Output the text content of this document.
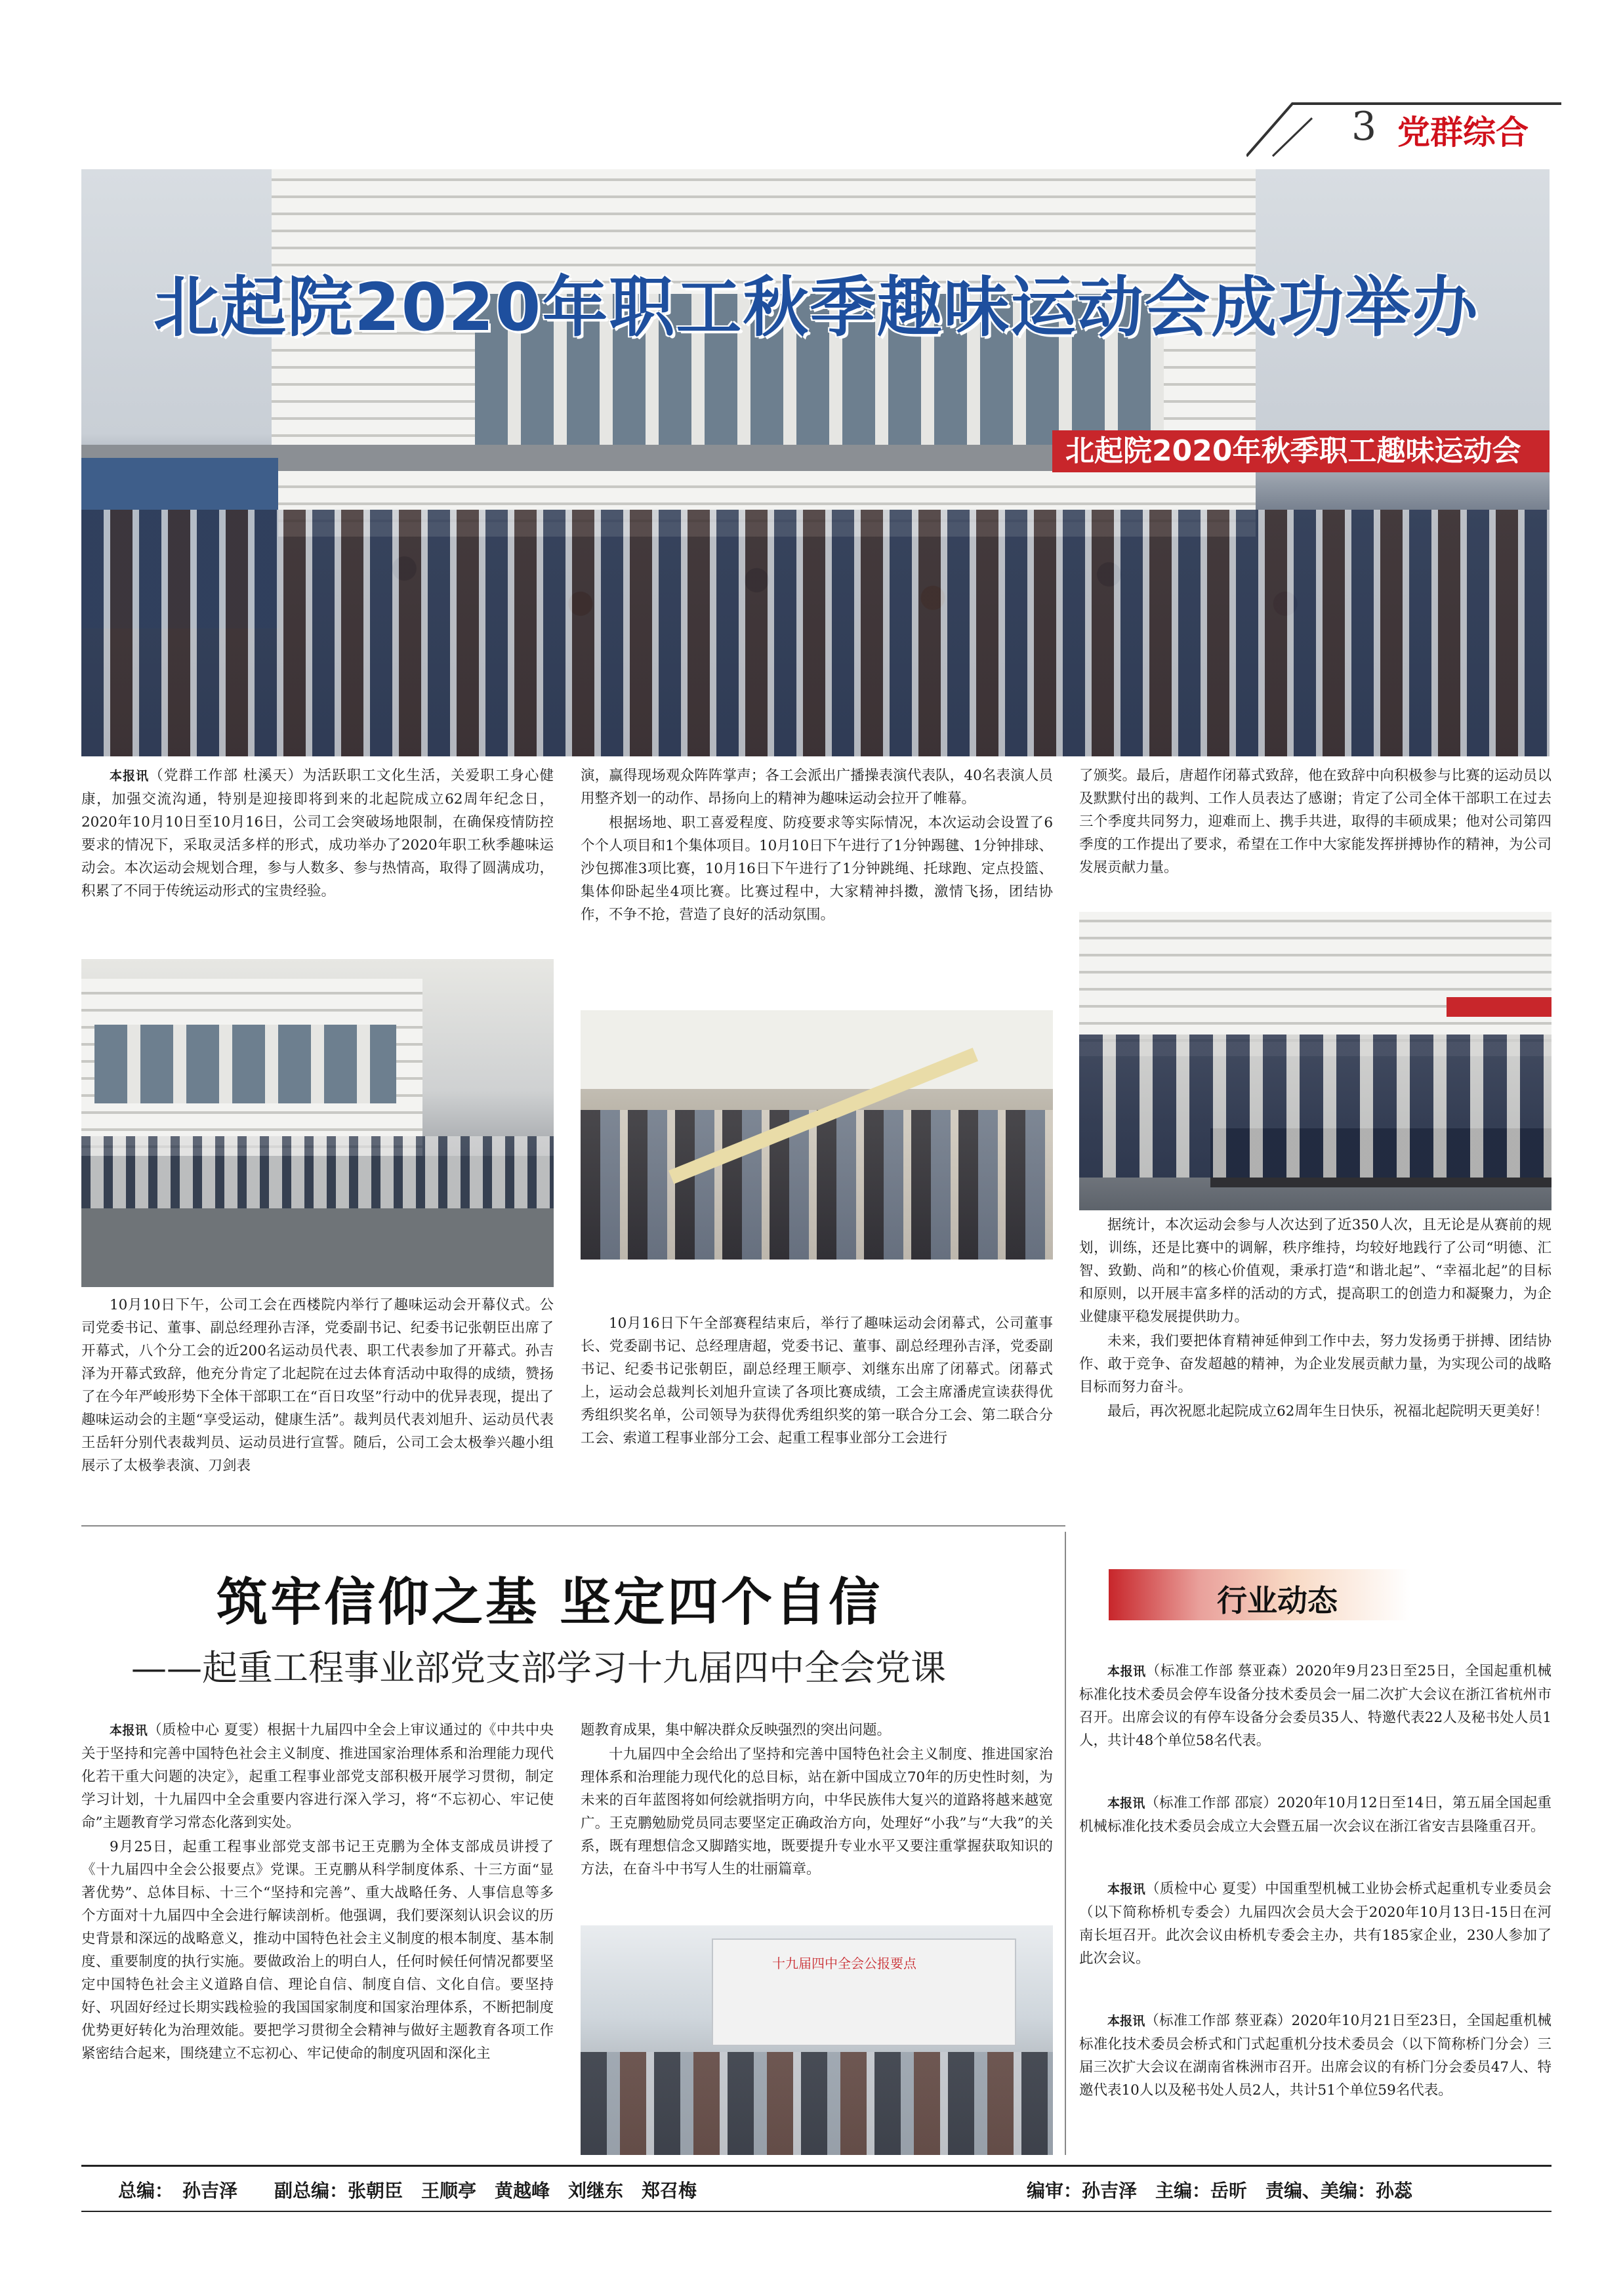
3 党群综合
北起院2020年秋季职工趣味运动会
北起院2020年职工秋季趣味运动会成功举办

本报讯（党群工作部 杜溪天）为活跃职工文化生活，关爱职工身心健康，加强交流沟通，特别是迎接即将到来的北起院成立62周年纪念日，2020年10月10日至10月16日，公司工会突破场地限制，在确保疫情防控要求的情况下，采取灵活多样的形式，成功举办了2020年职工秋季趣味运动会。本次运动会规划合理，参与人数多、参与热情高，取得了圆满成功，积累了不同于传统运动形式的宝贵经验。

10月10日下午，公司工会在西楼院内举行了趣味运动会开幕仪式。公司党委书记、董事、副总经理孙吉泽，党委副书记、纪委书记张朝臣出席了开幕式，八个分工会的近200名运动员代表、职工代表参加了开幕式。孙吉泽为开幕式致辞，他充分肯定了北起院在过去体育活动中取得的成绩，赞扬了在今年严峻形势下全体干部职工在“百日攻坚”行动中的优异表现，提出了趣味运动会的主题“享受运动，健康生活”。裁判员代表刘旭升、运动员代表王岳轩分别代表裁判员、运动员进行宣誓。随后，公司工会太极拳兴趣小组展示了太极拳表演、刀剑表

演，赢得现场观众阵阵掌声；各工会派出广播操表演代表队，40名表演人员用整齐划一的动作、昂扬向上的精神为趣味运动会拉开了帷幕。

根据场地、职工喜爱程度、防疫要求等实际情况，本次运动会设置了6个个人项目和1个集体项目。10月10日下午进行了1分钟踢毽、1分钟排球、沙包掷准3项比赛，10月16日下午进行了1分钟跳绳、托球跑、定点投篮、集体仰卧起坐4项比赛。比赛过程中，大家精神抖擞，激情飞扬，团结协作，不争不抢，营造了良好的活动氛围。

10月16日下午全部赛程结束后，举行了趣味运动会闭幕式，公司董事长、党委副书记、总经理唐超，党委书记、董事、副总经理孙吉泽，党委副书记、纪委书记张朝臣，副总经理王顺亭、刘继东出席了闭幕式。闭幕式上，运动会总裁判长刘旭升宣读了各项比赛成绩，工会主席潘虎宣读获得优秀组织奖名单，公司领导为获得优秀组织奖的第一联合分工会、第二联合分工会、索道工程事业部分工会、起重工程事业部分工会进行

了颁奖。最后，唐超作闭幕式致辞，他在致辞中向积极参与比赛的运动员以及默默付出的裁判、工作人员表达了感谢；肯定了公司全体干部职工在过去三个季度共同努力，迎难而上、携手共进，取得的丰硕成果；他对公司第四季度的工作提出了要求，希望在工作中大家能发挥拼搏协作的精神，为公司发展贡献力量。

据统计，本次运动会参与人次达到了近350人次，且无论是从赛前的规划，训练，还是比赛中的调解，秩序维持，均较好地践行了公司“明德、汇智、致勤、尚和”的核心价值观，秉承打造“和谐北起”、“幸福北起”的目标和原则，以开展丰富多样的活动的方式，提高职工的创造力和凝聚力，为企业健康平稳发展提供助力。

未来，我们要把体育精神延伸到工作中去，努力发扬勇于拼搏、团结协作、敢于竞争、奋发超越的精神，为企业发展贡献力量，为实现公司的战略目标而努力奋斗。

最后，再次祝愿北起院成立62周年生日快乐，祝福北起院明天更美好！

筑牢信仰之基 坚定四个自信
——起重工程事业部党支部学习十九届四中全会党课

本报讯（质检中心 夏雯）根据十九届四中全会上审议通过的《中共中央关于坚持和完善中国特色社会主义制度、推进国家治理体系和治理能力现代化若干重大问题的决定》，起重工程事业部党支部积极开展学习贯彻，制定学习计划，十九届四中全会重要内容进行深入学习，将“不忘初心、牢记使命”主题教育学习常态化落到实处。

9月25日，起重工程事业部党支部书记王克鹏为全体支部成员讲授了《十九届四中全会公报要点》党课。王克鹏从科学制度体系、十三方面“显著优势”、总体目标、十三个“坚持和完善”、重大战略任务、人事信息等多个方面对十九届四中全会进行解读剖析。他强调，我们要深刻认识会议的历史背景和深远的战略意义，推动中国特色社会主义制度的根本制度、基本制度、重要制度的执行实施。要做政治上的明白人，任何时候任何情况都要坚定中国特色社会主义道路自信、理论自信、制度自信、文化自信。要坚持好、巩固好经过长期实践检验的我国国家制度和国家治理体系，不断把制度优势更好转化为治理效能。要把学习贯彻全会精神与做好主题教育各项工作紧密结合起来，围绕建立不忘初心、牢记使命的制度巩固和深化主

题教育成果，集中解决群众反映强烈的突出问题。

十九届四中全会给出了坚持和完善中国特色社会主义制度、推进国家治理体系和治理能力现代化的总目标，站在新中国成立70年的历史性时刻，为未来的百年蓝图将如何绘就指明方向，中华民族伟大复兴的道路将越来越宽广。王克鹏勉励党员同志要坚定正确政治方向，处理好“小我”与“大我”的关系，既有理想信念又脚踏实地，既要提升专业水平又要注重掌握获取知识的方法，在奋斗中书写人生的壮丽篇章。

十九届四中全会公报要点
行业动态

本报讯（标准工作部 蔡亚森）2020年9月23日至25日，全国起重机械标准化技术委员会停车设备分技术委员会一届二次扩大会议在浙江省杭州市召开。出席会议的有停车设备分会委员35人、特邀代表22人及秘书处人员1人，共计48个单位58名代表。

本报讯（标准工作部 邵宸）2020年10月12日至14日，第五届全国起重机械标准化技术委员会成立大会暨五届一次会议在浙江省安吉县隆重召开。

本报讯（质检中心 夏雯）中国重型机械工业协会桥式起重机专业委员会（以下简称桥机专委会）九届四次会员大会于2020年10月13日-15日在河南长垣召开。此次会议由桥机专委会主办，共有185家企业，230人参加了此次会议。

本报讯（标准工作部 蔡亚森）2020年10月21日至23日，全国起重机械标准化技术委员会桥式和门式起重机分技术委员会（以下简称桥门分会）三届三次扩大会议在湖南省株洲市召开。出席会议的有桥门分会委员47人、特邀代表10人以及秘书处人员2人，共计51个单位59名代表。

总编：　孙吉泽　　副总编：张朝臣　王顺亭　黄越峰　刘继东　郑召梅	编审：孙吉泽　主编：岳昕　责编、美编：孙蕊
